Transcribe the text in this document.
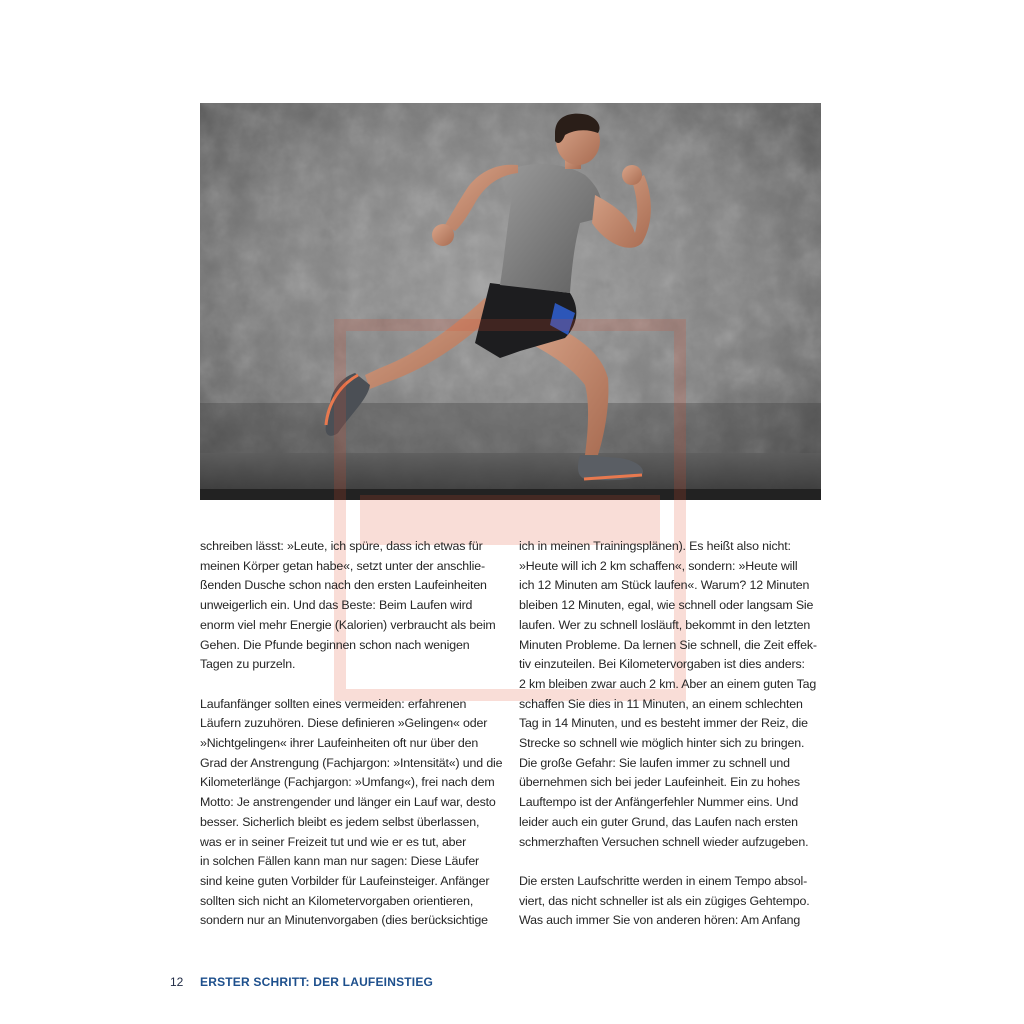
schreiben lässt: »Leute, ich spüre, dass ich etwas für
meinen Körper getan habe«, setzt unter der anschlie-
ßenden Dusche schon nach den ersten Laufeinheiten
unweigerlich ein. Und das Beste: Beim Laufen wird
enorm viel mehr Energie (Kalorien) verbraucht als beim
Gehen. Die Pfunde beginnen schon nach wenigen
Tagen zu purzeln.

Laufanfänger sollten eines vermeiden: erfahrenen
Läufern zuzuhören. Diese definieren »Gelingen« oder
»Nichtgelingen« ihrer Laufeinheiten oft nur über den
Grad der Anstrengung (Fachjargon: »Intensität«) und die
Kilometerlänge (Fachjargon: »Umfang«), frei nach dem
Motto: Je anstrengender und länger ein Lauf war, desto
besser. Sicherlich bleibt es jedem selbst überlassen,
was er in seiner Freizeit tut und wie er es tut, aber
in solchen Fällen kann man nur sagen: Diese Läufer
sind keine guten Vorbilder für Laufeinsteiger. Anfänger
sollten sich nicht an Kilometervorgaben orientieren,
sondern nur an Minutenvorgaben (dies berücksichtige

ich in meinen Trainingsplänen). Es heißt also nicht:
»Heute will ich 2 km schaffen«, sondern: »Heute will
ich 12 Minuten am Stück laufen«. Warum? 12 Minuten
bleiben 12 Minuten, egal, wie schnell oder langsam Sie
laufen. Wer zu schnell losläuft, bekommt in den letzten
Minuten Probleme. Da lernen Sie schnell, die Zeit effek-
tiv einzuteilen. Bei Kilometervorgaben ist dies anders:
2 km bleiben zwar auch 2 km. Aber an einem guten Tag
schaffen Sie dies in 11 Minuten, an einem schlechten
Tag in 14 Minuten, und es besteht immer der Reiz, die
Strecke so schnell wie möglich hinter sich zu bringen.
Die große Gefahr: Sie laufen immer zu schnell und
übernehmen sich bei jeder Laufeinheit. Ein zu hohes
Lauftempo ist der Anfängerfehler Nummer eins. Und
leider auch ein guter Grund, das Laufen nach ersten
schmerzhaften Versuchen schnell wieder aufzugeben.

Die ersten Laufschritte werden in einem Tempo absol-
viert, das nicht schneller ist als ein zügiges Gehtempo.
Was auch immer Sie von anderen hören: Am Anfang

12 ERSTER SCHRITT: DER LAUFEINSTIEG
